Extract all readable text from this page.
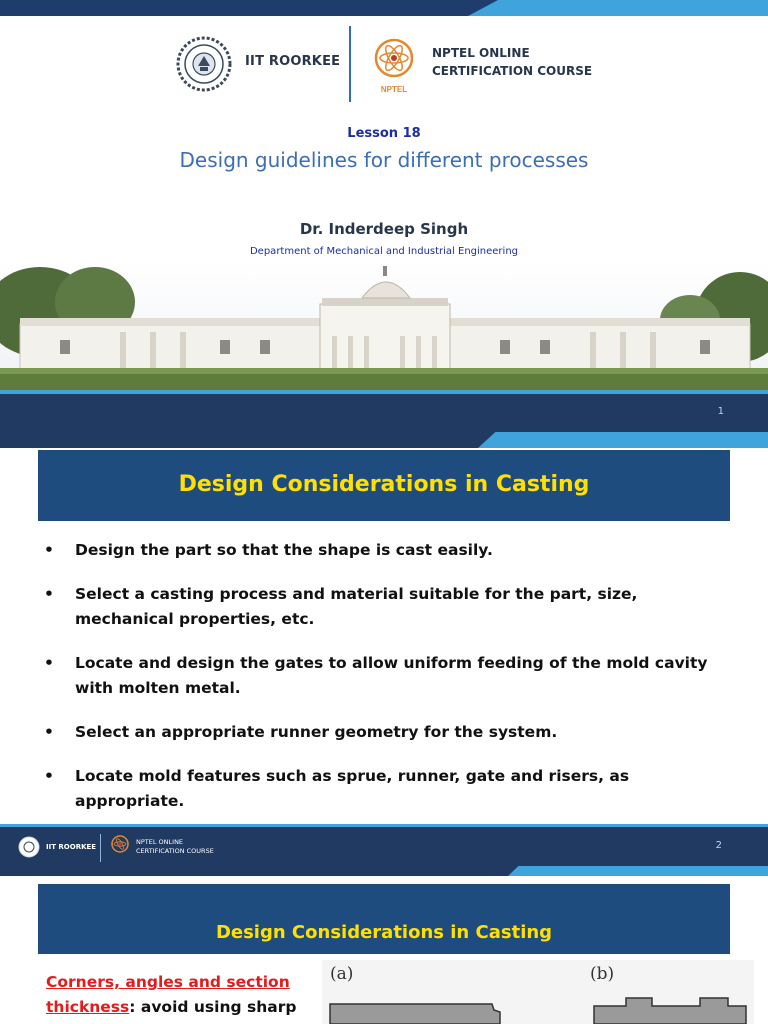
IIT ROORKEE
NPTEL
NPTEL ONLINE
CERTIFICATION COURSE
Lesson 18
Design guidelines for different processes
Dr. Inderdeep Singh
Department of Mechanical and Industrial Engineering
1
Design Considerations in Casting
• Design the part so that the shape is cast easily.
• Select a casting process and material suitable for the part, size, mechanical properties, etc.
• Locate and design the gates to allow uniform feeding of the mold cavity with molten metal.
• Select an appropriate runner geometry for the system.
• Locate mold features such as sprue, runner, gate and risers, as appropriate.
IIT ROORKEE
NPTEL ONLINE
CERTIFICATION COURSE	2
Design Considerations in Casting
Corners, angles and section thickness: avoid using sharp
(a)	(b)
